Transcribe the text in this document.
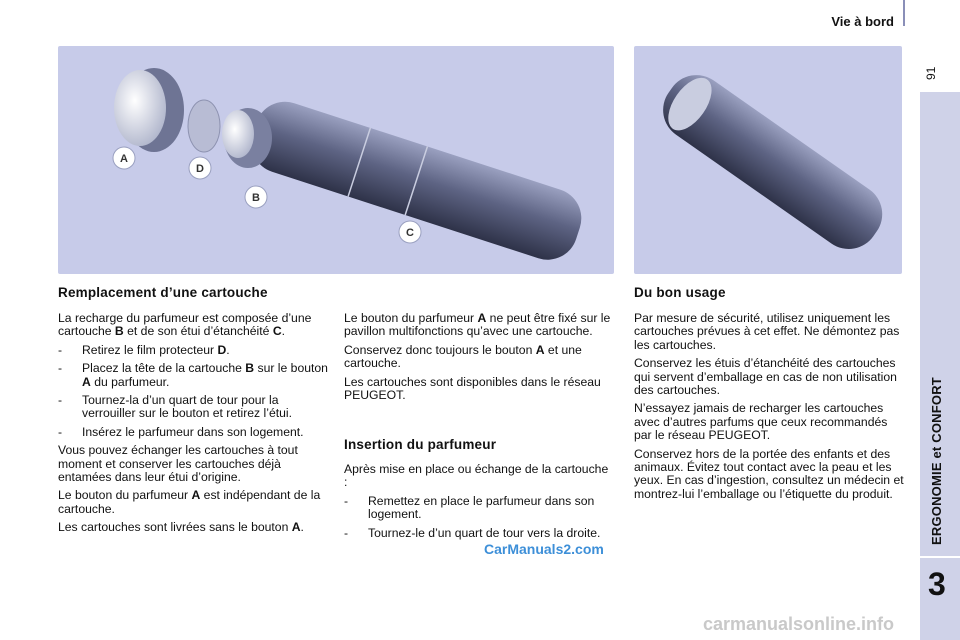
Vie à bord
91
ERGONOMIE et CONFORT
3
A
D
B
C
Remplacement d’une cartouche

La recharge du parfumeur est composée d’une cartouche B et de son étui d’étanchéité C.

- Retirez le film protecteur D.
- Placez la tête de la cartouche B sur le bouton A du parfumeur.
- Tournez-la d’un quart de tour pour la verrouiller sur le bouton et retirez l’étui.
- Insérez le parfumeur dans son logement.

Vous pouvez échanger les cartouches à tout moment et conserver les cartouches déjà entamées dans leur étui d’origine.

Le bouton du parfumeur A est indépendant de la cartouche.

Les cartouches sont livrées sans le bouton A.

Le bouton du parfumeur A ne peut être fixé sur le pavillon multifonctions qu’avec une cartouche.

Conservez donc toujours le bouton A et une cartouche.

Les cartouches sont disponibles dans le réseau PEUGEOT.

Insertion du parfumeur

Après mise en place ou échange de la cartouche :

- Remettez en place le parfumeur dans son logement.
- Tournez-le d’un quart de tour vers la droite.
Du bon usage

Par mesure de sécurité, utilisez uniquement les cartouches prévues à cet effet. Ne démontez pas les cartouches.

Conservez les étuis d’étanchéité des cartouches qui servent d’emballage en cas de non utilisation des cartouches.

N’essayez jamais de recharger les cartouches avec d’autres parfums que ceux recommandés par le réseau PEUGEOT.

Conservez hors de la portée des enfants et des animaux. Évitez tout contact avec la peau et les yeux. En cas d’ingestion, consultez un médecin et montrez-lui l’emballage ou l’étiquette du produit.

CarManuals2.com
carmanualsonline.info
